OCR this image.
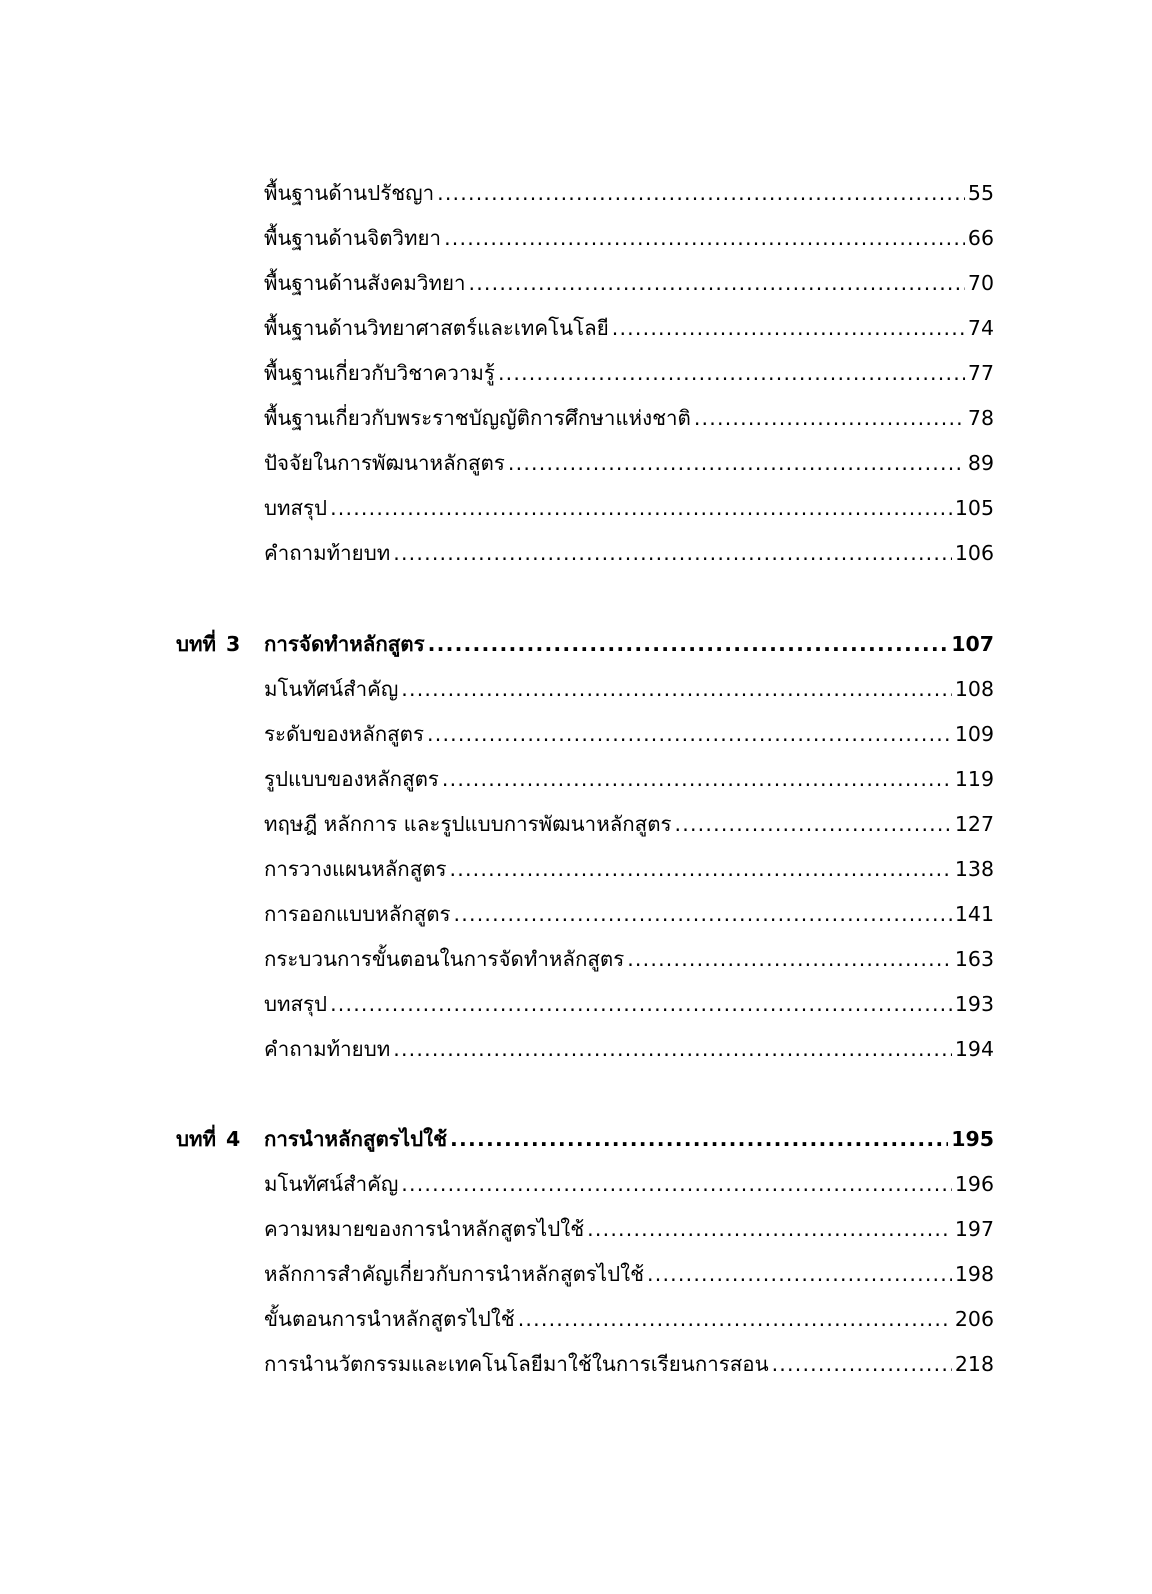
พื้นฐานด้านปรัชญา .....	55
พื้นฐานด้านจิตวิทยา .....	66
พื้นฐานด้านสังคมวิทยา .....	70
พื้นฐานด้านวิทยาศาสตร์และเทคโนโลยี .....	74
พื้นฐานเกี่ยวกับวิชาความรู้ .....	77
พื้นฐานเกี่ยวกับพระราชบัญญัติการศึกษาแห่งชาติ .....	78
ปัจจัยในการพัฒนาหลักสูตร .....	89
บทสรุป .....	105
คำถามท้ายบท .....	106
บทที่ 3 การจัดทำหลักสูตร .....	107
มโนทัศน์สำคัญ .....	108
ระดับของหลักสูตร .....	109
รูปแบบของหลักสูตร .....	119
ทฤษฎี หลักการ และรูปแบบการพัฒนาหลักสูตร .....	127
การวางแผนหลักสูตร .....	138
การออกแบบหลักสูตร .....	141
กระบวนการขั้นตอนในการจัดทำหลักสูตร .....	163
บทสรุป .....	193
คำถามท้ายบท .....	194
บทที่ 4 การนำหลักสูตรไปใช้ .....	195
มโนทัศน์สำคัญ .....	196
ความหมายของการนำหลักสูตรไปใช้ .....	197
หลักการสำคัญเกี่ยวกับการนำหลักสูตรไปใช้ .....	198
ขั้นตอนการนำหลักสูตรไปใช้ .....	206
การนำนวัตกรรมและเทคโนโลยีมาใช้ในการเรียนการสอน .....	218
